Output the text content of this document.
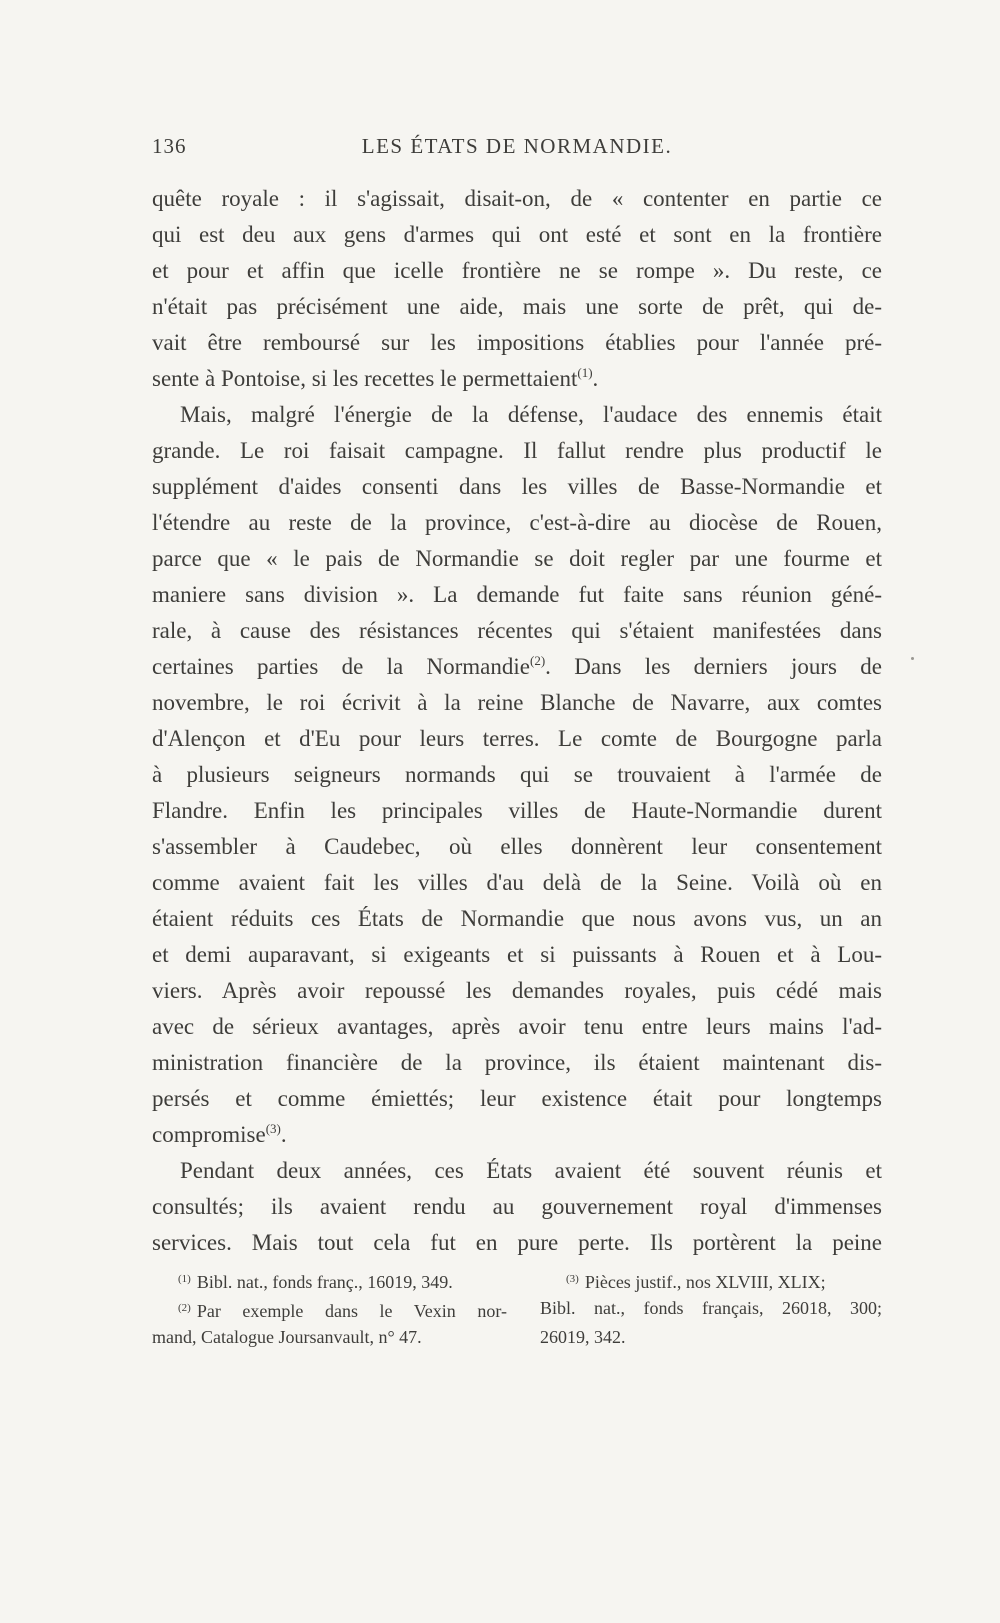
136	LES ÉTATS DE NORMANDIE.
quête royale : il s'agissait, disait-on, de « contenter en partie ce
qui est deu aux gens d'armes qui ont esté et sont en la frontière
et pour et affin que icelle frontière ne se rompe ». Du reste, ce
n'était pas précisément une aide, mais une sorte de prêt, qui de-
vait être remboursé sur les impositions établies pour l'année pré-
sente à Pontoise, si les recettes le permettaient$^{(1)}$.
Mais, malgré l'énergie de la défense, l'audace des ennemis était
grande. Le roi faisait campagne. Il fallut rendre plus productif le
supplément d'aides consenti dans les villes de Basse-Normandie et
l'étendre au reste de la province, c'est-à-dire au diocèse de Rouen,
parce que « le pais de Normandie se doit regler par une fourme et
maniere sans division ». La demande fut faite sans réunion géné-
rale, à cause des résistances récentes qui s'étaient manifestées dans
certaines parties de la Normandie$^{(2)}$. Dans les derniers jours de
novembre, le roi écrivit à la reine Blanche de Navarre, aux comtes
d'Alençon et d'Eu pour leurs terres. Le comte de Bourgogne parla
à plusieurs seigneurs normands qui se trouvaient à l'armée de
Flandre. Enfin les principales villes de Haute-Normandie durent
s'assembler à Caudebec, où elles donnèrent leur consentement
comme avaient fait les villes d'au delà de la Seine. Voilà où en
étaient réduits ces États de Normandie que nous avons vus, un an
et demi auparavant, si exigeants et si puissants à Rouen et à Lou-
viers. Après avoir repoussé les demandes royales, puis cédé mais
avec de sérieux avantages, après avoir tenu entre leurs mains l'ad-
ministration financière de la province, ils étaient maintenant dis-
persés et comme émiettés; leur existence était pour longtemps
compromise$^{(3)}$.
Pendant deux années, ces États avaient été souvent réunis et
consultés; ils avaient rendu au gouvernement royal d'immenses
services. Mais tout cela fut en pure perte. Ils portèrent la peine
$^{(1)}$ Bibl. nat., fonds franç., 16019, 349.
$^{(2)}$ Par exemple dans le Vexin nor-
mand, Catalogue Joursanvault, n° 47.
$^{(3)}$ Pièces justif., nos XLVIII, XLIX;
Bibl. nat., fonds français, 26018, 300;
26019, 342.
